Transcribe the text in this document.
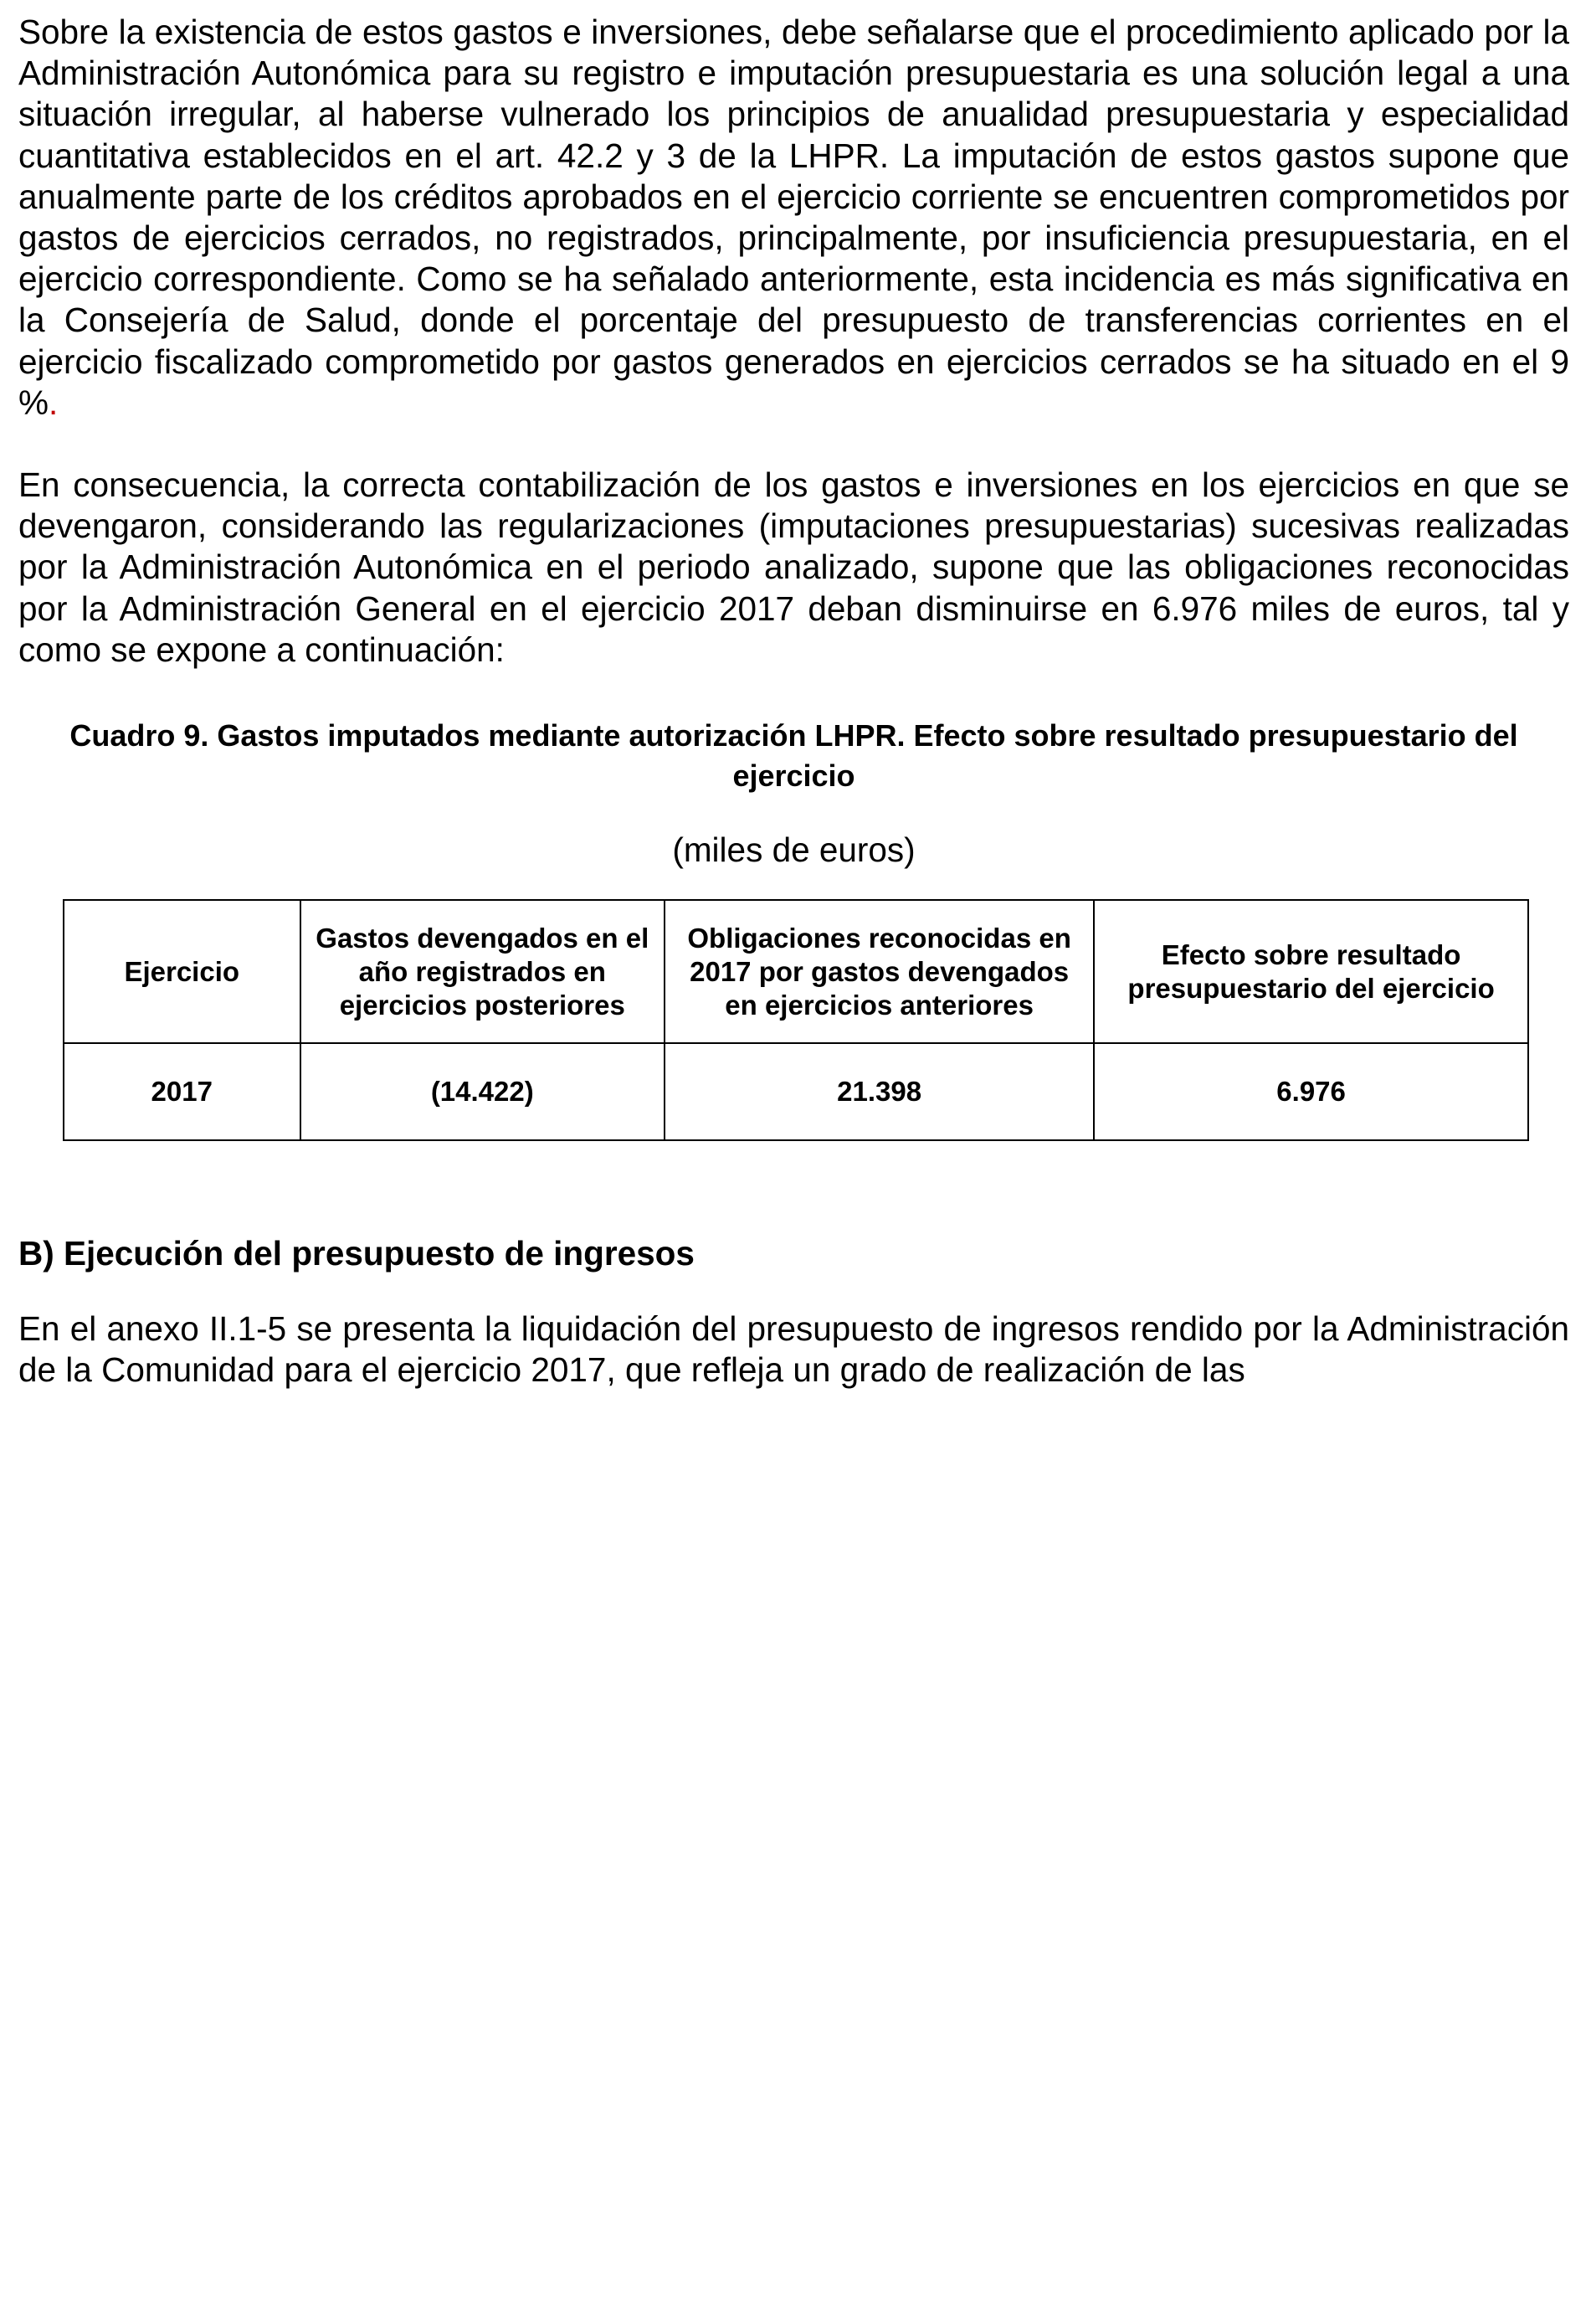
Sobre la existencia de estos gastos e inversiones, debe señalarse que el procedimiento aplicado por la Administración Autonómica para su registro e imputación presupuestaria es una solución legal a una situación irregular, al haberse vulnerado los principios de anualidad presupuestaria y especialidad cuantitativa establecidos en el art. 42.2 y 3 de la LHPR. La imputación de estos gastos supone que anualmente parte de los créditos aprobados en el ejercicio corriente se encuentren comprometidos por gastos de ejercicios cerrados, no registrados, principalmente, por insuficiencia presupuestaria, en el ejercicio correspondiente. Como se ha señalado anteriormente, esta incidencia es más significativa en la Consejería de Salud, donde el porcentaje del presupuesto de transferencias corrientes en el ejercicio fiscalizado comprometido por gastos generados en ejercicios cerrados se ha situado en el 9 %.

En consecuencia, la correcta contabilización de los gastos e inversiones en los ejercicios en que se devengaron, considerando las regularizaciones (imputaciones presupuestarias) sucesivas realizadas por la Administración Autonómica en el periodo analizado, supone que las obligaciones reconocidas por la Administración General en el ejercicio 2017 deban disminuirse en 6.976 miles de euros, tal y como se expone a continuación:

Cuadro 9. Gastos imputados mediante autorización LHPR. Efecto sobre resultado presupuestario del ejercicio
(miles de euros)
Ejercicio	Gastos devengados en el año registrados en ejercicios posteriores	Obligaciones reconocidas en 2017 por gastos devengados en ejercicios anteriores	Efecto sobre resultado presupuestario del ejercicio
2017	(14.422)	21.398	6.976
B) Ejecución del presupuesto de ingresos

En el anexo II.1-5 se presenta la liquidación del presupuesto de ingresos rendido por la Administración de la Comunidad para el ejercicio 2017, que refleja un grado de realización de las
